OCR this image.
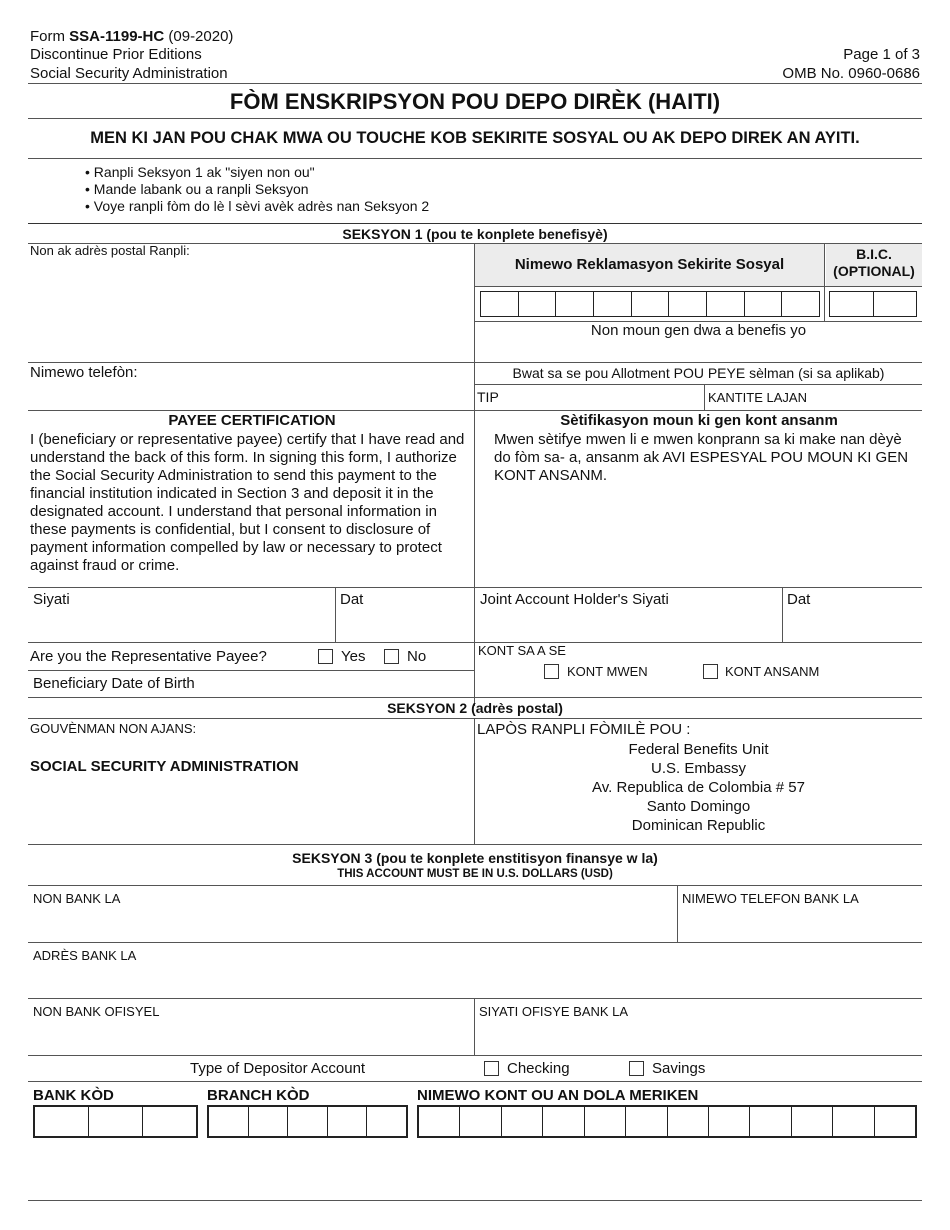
Form SSA-1199-HC (09-2020)
Discontinue Prior Editions
Social Security Administration
Page 1 of 3
OMB No. 0960-0686
FÒM ENSKRIPSYON POU DEPO DIRÈK (HAITI)
MEN KI JAN POU CHAK MWA OU TOUCHE KOB SEKIRITE SOSYAL OU AK DEPO DIREK AN AYITI.
• Ranpli Seksyon 1 ak "siyen non ou"
• Mande labank ou a ranpli Seksyon
• Voye ranpli fòm do lè l sèvi avèk adrès nan Seksyon 2
SEKSYON 1 (pou te konplete benefisyè)
Non ak adrès postal Ranpli:
Nimewo Reklamasyon Sekirite Sosyal
B.I.C.
(OPTIONAL)
Non moun gen dwa a benefis yo
Nimewo telefòn:	Bwat sa se pou Allotment POU PEYE sèlman (si sa aplikab)
TIP	KANTITE LAJAN
PAYEE CERTIFICATION
I (beneficiary or representative payee) certify that I have read and understand the back of this form. In signing this form, I authorize the Social Security Administration to send this payment to the financial institution indicated in Section 3 and deposit it in the designated account. I understand that personal information in these payments is confidential, but I consent to disclosure of payment information compelled by law or necessary to protect against fraud or crime.
Sètifikasyon moun ki gen kont ansanm
Mwen sètifye mwen li e mwen konprann sa ki make nan dèyè do fòm sa- a, ansanm ak AVI ESPESYAL POU MOUN KI GEN KONT ANSANM.
Siyati	Dat	Joint Account Holder's Siyati	Dat
Are you the Representative Payee?	Yes	No
Beneficiary Date of Birth
KONT SA A SE
KONT MWEN	KONT ANSANM
SEKSYON 2 (adrès postal)
GOUVÈNMAN NON AJANS:
SOCIAL SECURITY ADMINISTRATION
LAPÒS RANPLI FÒMILÈ POU :
Federal Benefits Unit
U.S. Embassy
Av. Republica de Colombia # 57
Santo Domingo
Dominican Republic
SEKSYON 3 (pou te konplete enstitisyon finansye w la)
THIS ACCOUNT MUST BE IN U.S. DOLLARS (USD)
NON BANK LA	NIMEWO TELEFON BANK LA
ADRÈS BANK LA
NON BANK OFISYEL	SIYATI OFISYE BANK LA
Type of Depositor Account	Checking	Savings
BANK KÒD	BRANCH KÒD	NIMEWO KONT OU AN DOLA MERIKEN
